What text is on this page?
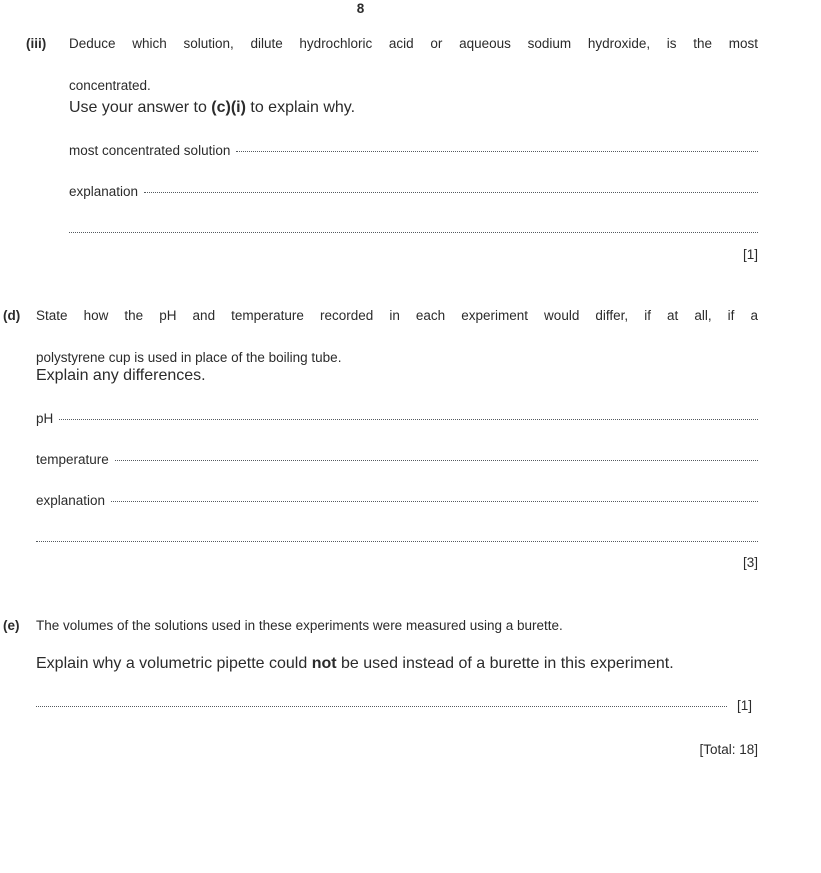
8
(iii)	Deduce which solution, dilute hydrochloric acid or aqueous sodium hydroxide, is the most
concentrated.
Use your answer to (c)(i) to explain why.
most concentrated solution
explanation
[1]
(d)	State how the pH and temperature recorded in each experiment would differ, if at all, if a
polystyrene cup is used in place of the boiling tube.
Explain any differences.
pH
temperature
explanation
[3]
(e)	The volumes of the solutions used in these experiments were measured using a burette.
Explain why a volumetric pipette could not be used instead of a burette in this experiment.
[1]
[Total: 18]
